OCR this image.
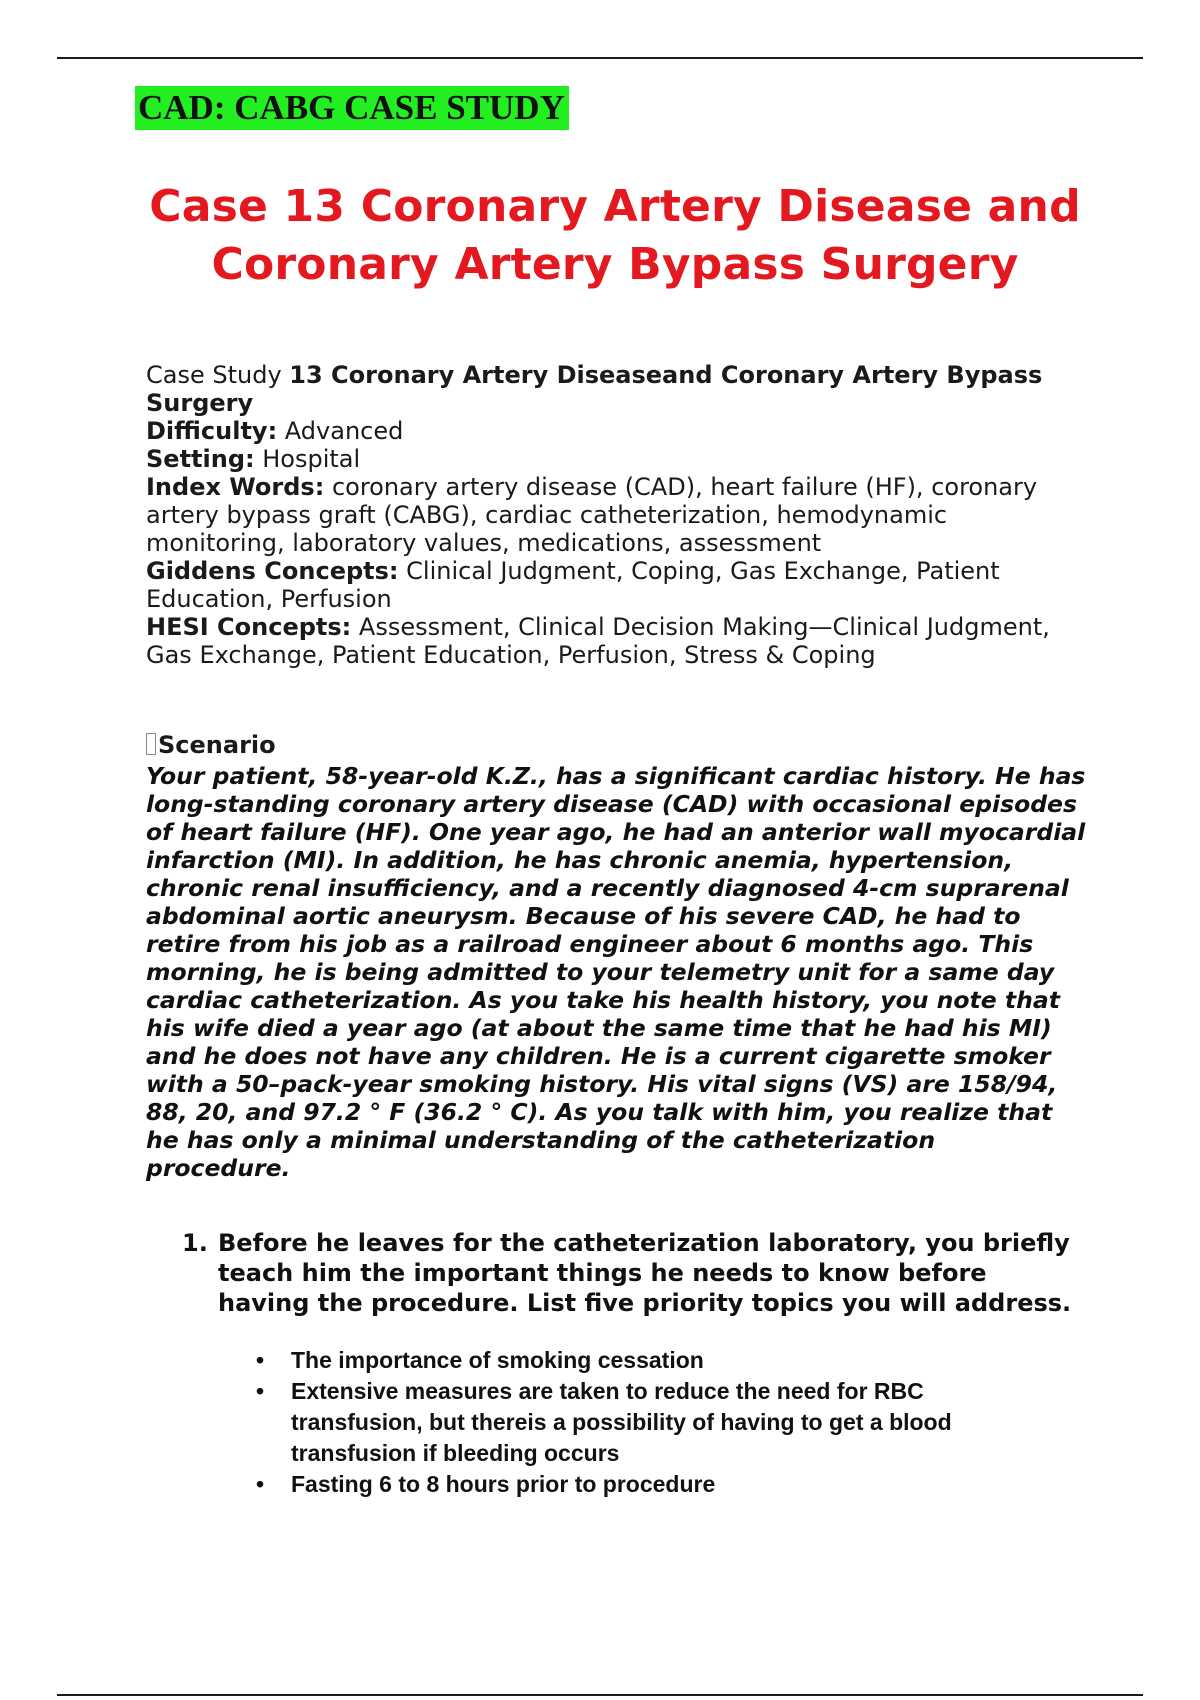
CAD: CABG CASE STUDY
Case 13 Coronary Artery Disease and
Coronary Artery Bypass Surgery

Case Study 13 Coronary Artery Diseaseand Coronary Artery Bypass Surgery

Difficulty: Advanced

Setting: Hospital

Index Words: coronary artery disease (CAD), heart failure (HF), coronary artery bypass graft (CABG), cardiac catheterization, hemodynamic monitoring, laboratory values, medications, assessment

Giddens Concepts: Clinical Judgment, Coping, Gas Exchange, Patient Education, Perfusion

HESI Concepts: Assessment, Clinical Decision Making—Clinical Judgment, Gas Exchange, Patient Education, Perfusion, Stress & Coping

Scenario
Your patient, 58-year-old K.Z., has a significant cardiac history. He has long-standing coronary artery disease (CAD) with occasional episodes of heart failure (HF). One year ago, he had an anterior wall myocardial infarction (MI). In addition, he has chronic anemia, hypertension, chronic renal insufficiency, and a recently diagnosed 4-cm suprarenal abdominal aortic aneurysm. Because of his severe CAD, he had to retire from his job as a railroad engineer about 6 months ago. This morning, he is being admitted to your telemetry unit for a same day cardiac catheterization. As you take his health history, you note that his wife died a year ago (at about the same time that he had his MI) and he does not have any children. He is a current cigarette smoker with a 50–pack-year smoking history. His vital signs (VS) are 158/94, 88, 20, and 97.2 ° F (36.2 ° C). As you talk with him, you realize that he has only a minimal understanding of the catheterization procedure.
1. Before he leaves for the catheterization laboratory, you briefly teach him the important things he needs to know before having the procedure. List five priority topics you will address.
• The importance of smoking cessation
• Extensive measures are taken to reduce the need for RBC transfusion, but thereis a possibility of having to get a blood transfusion if bleeding occurs
• Fasting 6 to 8 hours prior to procedure
